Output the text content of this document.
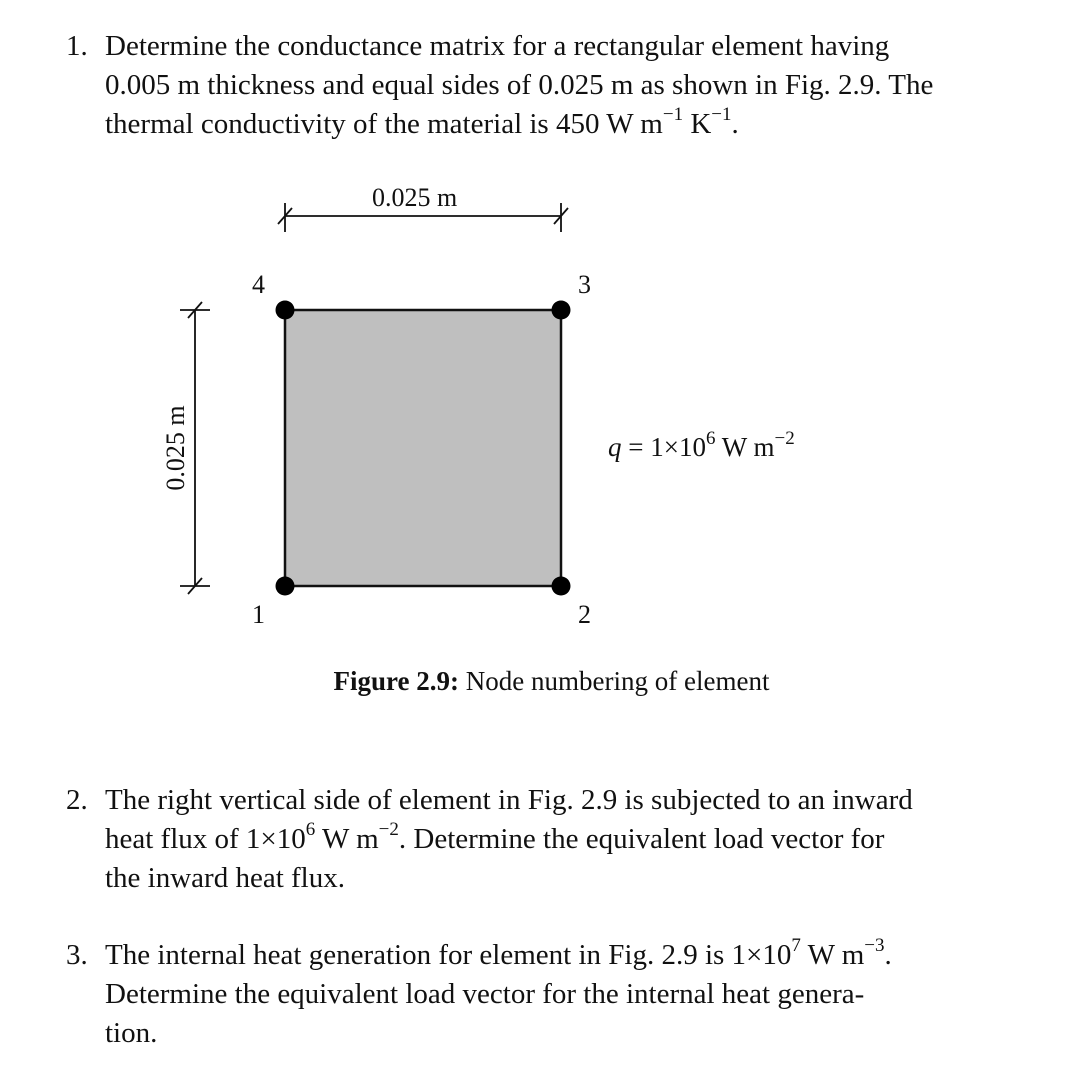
1. Determine the conductance matrix for a rectangular element having
0.005 m thickness and equal sides of 0.025 m as shown in Fig. 2.9. The
thermal conductivity of the material is 450 W $m^{-1}$ $K^{-1}$.
0.025 m
0.025 m
1	2
3
4
$q = 1\times 10^6$ W $m^{-2}$
Figure 2.9: Node numbering of element
2. The right vertical side of element in Fig. 2.9 is subjected to an inward
heat flux of $1\times 10^6$ W $m^{-2}$. Determine the equivalent load vector for
the inward heat flux.
3. The internal heat generation for element in Fig. 2.9 is $1\times 10^7$ W $m^{-3}$.
Determine the equivalent load vector for the internal heat genera-
tion.
